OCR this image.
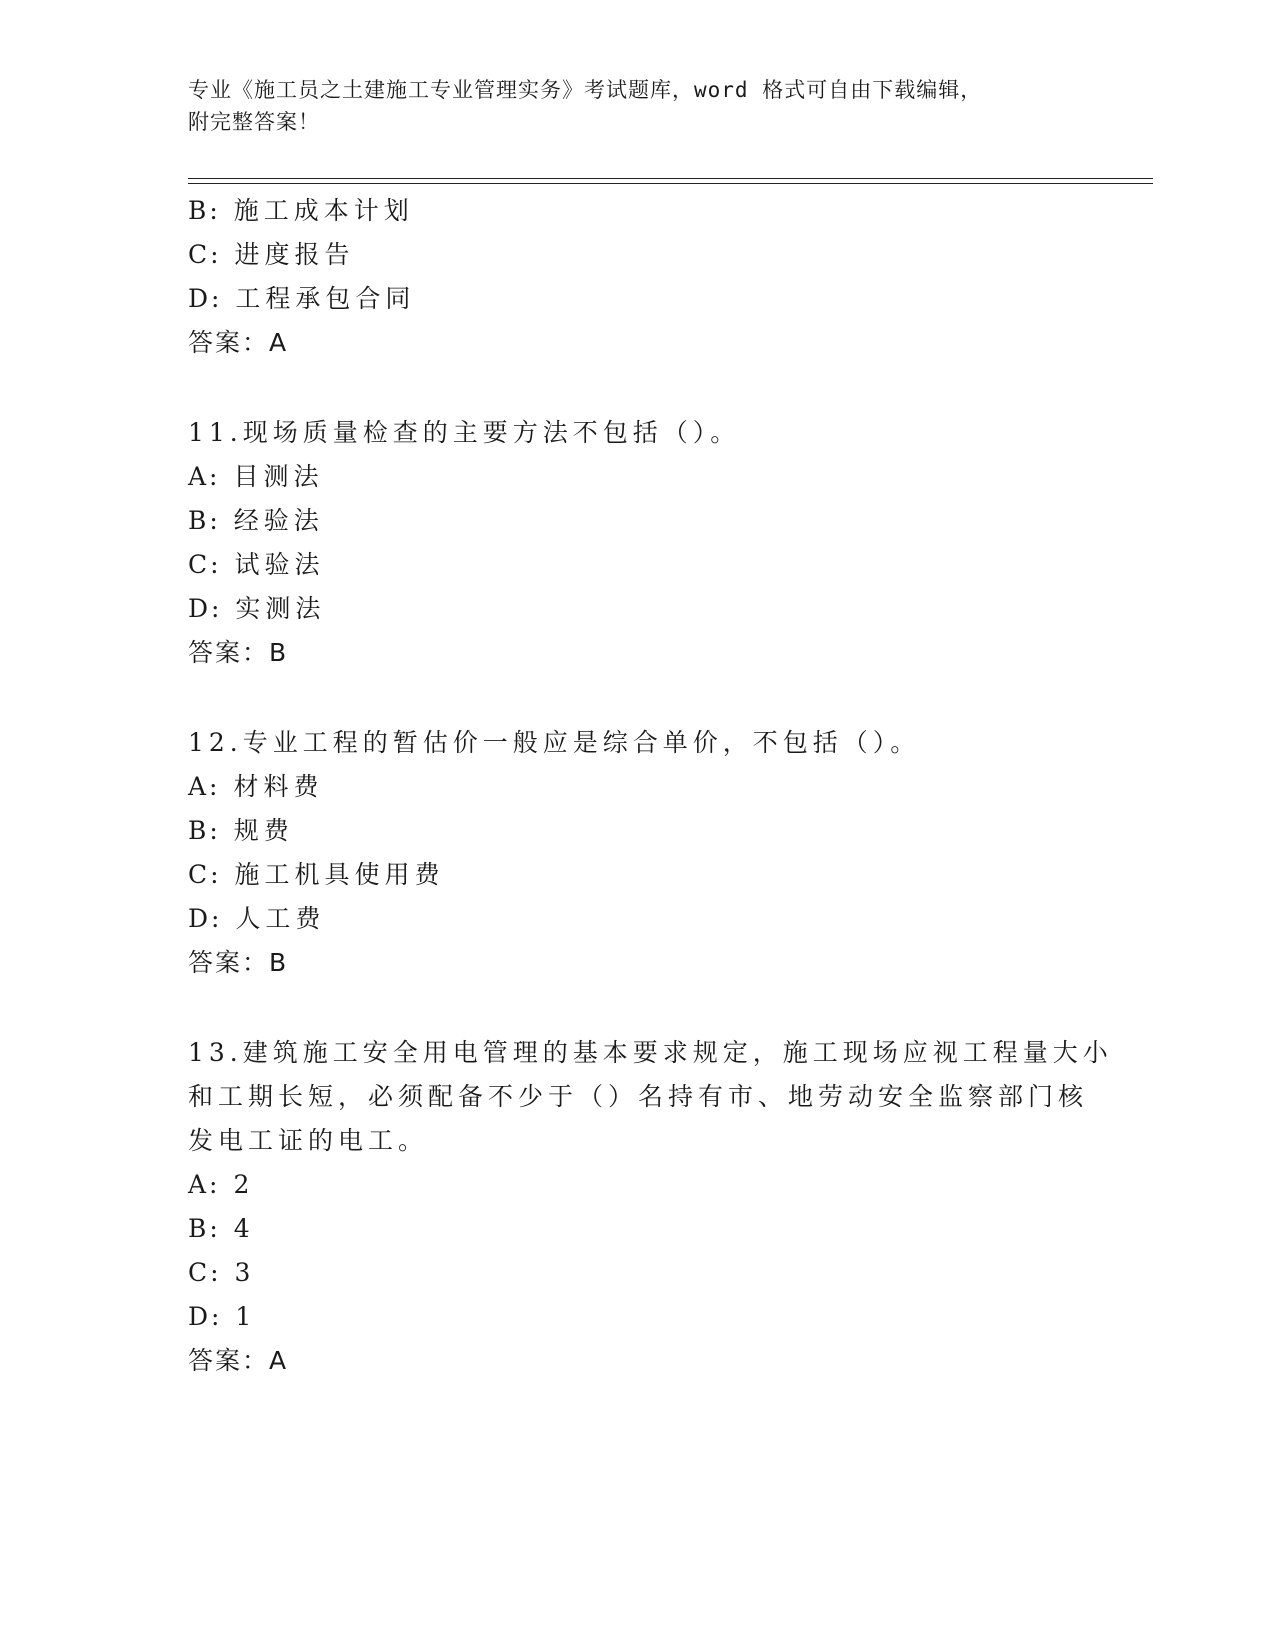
专业《施工员之土建施工专业管理实务》考试题库，word 格式可自由下载编辑，
附完整答案！
B: 施工成本计划
C: 进度报告
D: 工程承包合同
答案：A
11.现场质量检查的主要方法不包括（）。
A: 目测法
B: 经验法
C: 试验法
D: 实测法
答案：B
12.专业工程的暂估价一般应是综合单价，不包括（）。
A: 材料费
B: 规费
C: 施工机具使用费
D: 人工费
答案：B
13.建筑施工安全用电管理的基本要求规定，施工现场应视工程量大小
和工期长短，必须配备不少于（）名持有市、地劳动安全监察部门核
发电工证的电工。
A: 2
B: 4
C: 3
D: 1
答案：A
